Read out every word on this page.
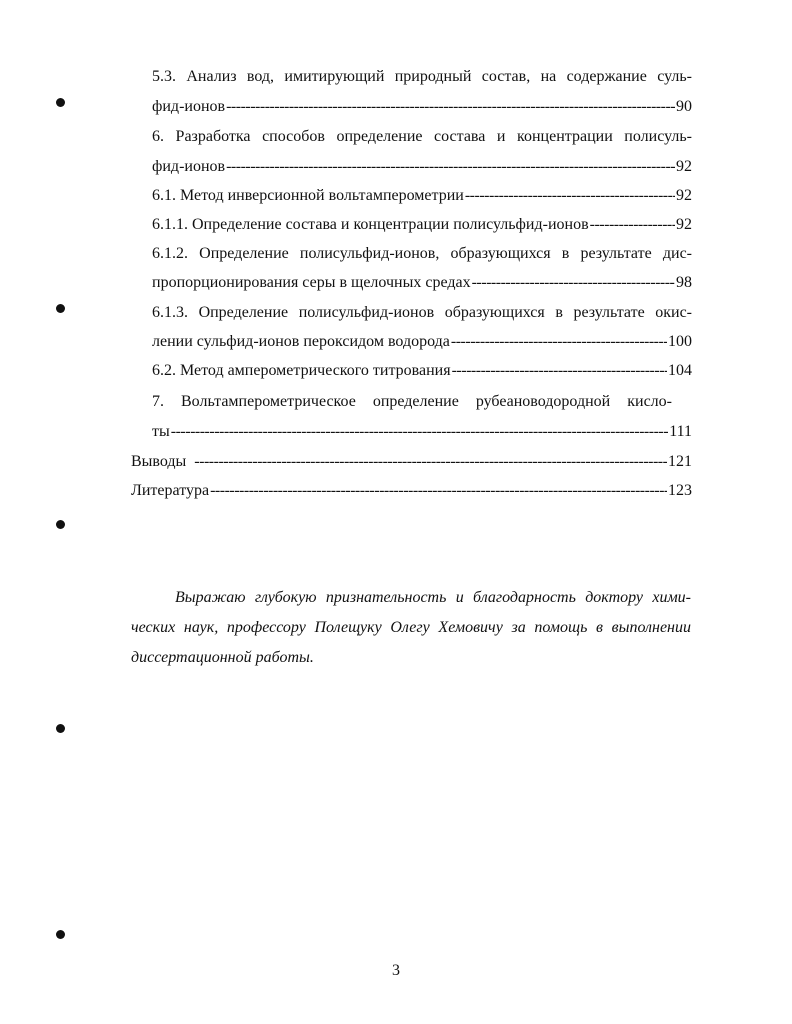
5.3. Анализ вод, имитирующий природный состав, на содержание суль-
фид-ионов -----	90
6. Разработка способов определение состава и концентрации полисуль-
фид-ионов -----	92
6.1. Метод инверсионной вольтамперометрии -----	92
6.1.1. Определение состава и концентрации полисульфид-ионов -----	92
6.1.2. Определение полисульфид-ионов, образующихся в результате дис-
пропорционирования серы в щелочных средах -----	98
6.1.3. Определение полисульфид-ионов образующихся в результате окис-
лении сульфид-ионов пероксидом водорода -----	100
6.2. Метод амперометрического титрования -----	104
7. Вольтамперометрическое определение рубеановодородной кисло-
ты -----	111
Выводы -----	121
Литература -----	123
Выражаю глубокую признательность и благодарность доктору хими-
ческих наук, профессору Полещуку Олегу Хемовичу за помощь в выполнении
диссертационной работы.
3
